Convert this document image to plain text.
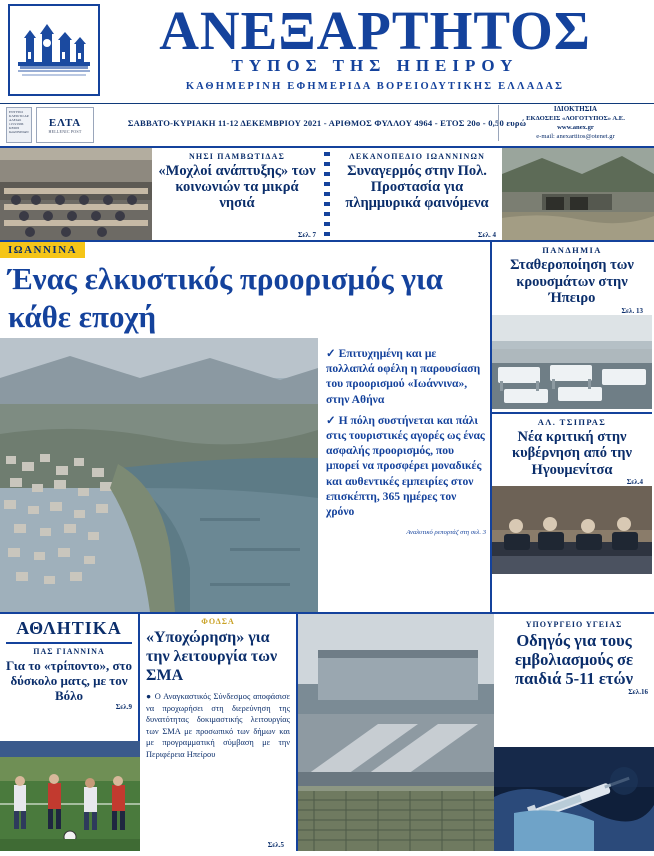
ΑΝΕΞΑΡΤΗΤΟΣ
ΤΥΠΟΣ ΤΗΣ ΗΠΕΙΡΟΥ
ΚΑΘΗΜΕΡΙΝΗ ΕΦΗΜΕΡΙΔΑ ΒΟΡΕΙΟΔΥΤΙΚΗΣ ΕΛΛΑΔΑΣ
ΕΝΤΥΠΟ ΚΛΕΙΣΤΟ ΑΡ. ΑΔΕΙΑΣ 1153/1996 ΚΕΜΠ ΙΩΑΝΝΙΝΩΝ
ΕΛΤΑ
HELLENIC POST
ΣΑΒΒΑΤΟ-ΚΥΡΙΑΚΗ 11-12 ΔΕΚΕΜΒΡΙΟΥ 2021 - ΑΡΙΘΜΟΣ ΦΥΛΛΟΥ 4964 - ΕΤΟΣ 20ο - 0,50 ευρώ
ΙΔΙΟΚΤΗΣΙΑ
ΕΚΔΟΣΕΙΣ «ΛΟΓΟΤΥΠΟΣ» Α.Ε.
www.anex.gr
e-mail: anexartitos@otenet.gr
ΝΗΣΙ ΠΑΜΒΩΤΙΔΑΣ
«Μοχλοί ανάπτυξης» των κοινωνιών τα μικρά νησιά
Σελ. 7
ΛΕΚΑΝΟΠΕΔΙΟ ΙΩΑΝΝΙΝΩΝ
Συναγερμός στην Πολ. Προστασία για πλημμυρικά φαινόμενα
Σελ. 4
ΙΩΑΝΝΙΝΑ
Ένας ελκυστικός προορισμός για κάθε εποχή

✓ Επιτυχημένη και με πολλαπλά οφέλη η παρουσίαση του προορισμού «Ιωάννινα», στην Αθήνα

✓ Η πόλη συστήνεται και πάλι στις τουριστικές αγορές ως ένας ασφαλής προορισμός, που μπορεί να προσφέρει μοναδικές και αυθεντικές εμπειρίες στον επισκέπτη, 365 ημέρες τον χρόνο

Αναλυτικό ρεπορτάζ στη σελ. 3
ΠΑΝΔΗΜΙΑ
Σταθεροποίηση των κρουσμάτων στην Ήπειρο
Σελ. 13
ΑΛ. ΤΣΙΠΡΑΣ
Νέα κριτική στην κυβέρνηση από την Ηγουμενίτσα
Σελ.4
ΑΘΛΗΤΙΚΑ
ΠΑΣ ΓΙΑΝΝΙΝΑ
Για το «τρίποντο», στο δύσκολο ματς, με τον Βόλο
Σελ.9
ΦΟΔΣΑ
«Υποχώρηση» για την λειτουργία των ΣΜΑ
● Ο Αναγκαστικός Σύνδεσμος αποφάσισε να προχωρήσει στη διερεύνηση της δυνατότητας δοκιμαστικής λειτουργίας των ΣΜΑ με προσωπικό των δήμων και με προγραμματική σύμβαση με την Περιφέρεια Ηπείρου
Σελ.5
ΥΠΟΥΡΓΕΙΟ ΥΓΕΙΑΣ
Οδηγός για τους εμβολιασμούς σε παιδιά 5-11 ετών
Σελ.16
